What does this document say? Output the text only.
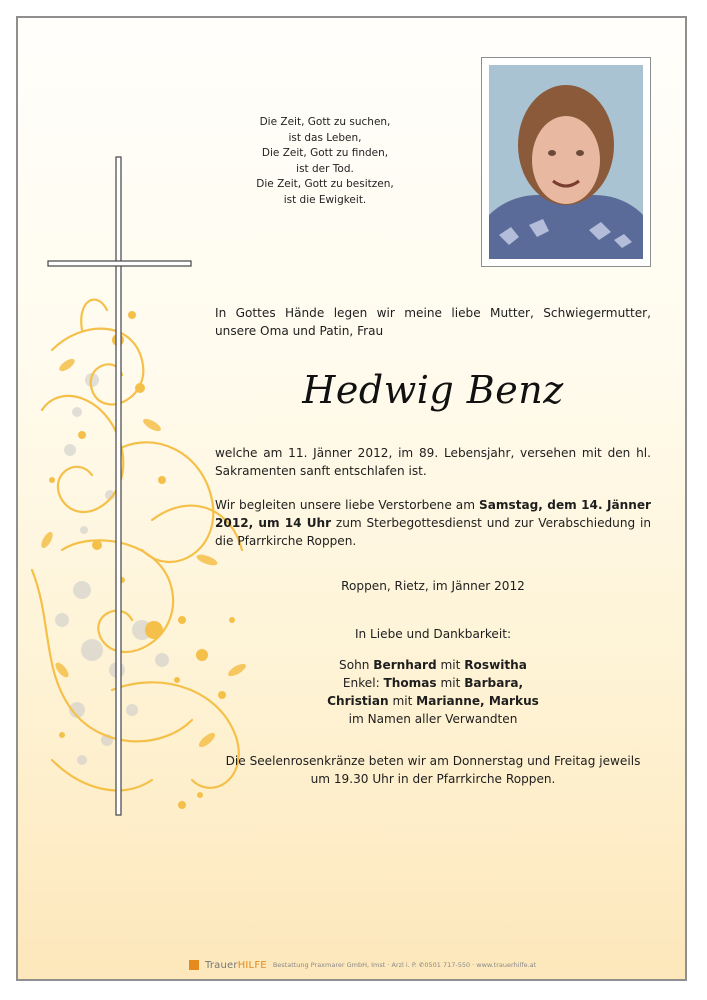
Die Zeit, Gott zu suchen,
ist das Leben,
Die Zeit, Gott zu finden,
ist der Tod.
Die Zeit, Gott zu besitzen,
ist die Ewigkeit.
In Gottes Hände legen wir meine liebe Mutter, Schwiegermutter, unsere Oma und Patin, Frau
Hedwig Benz
welche am 11. Jänner 2012, im 89. Lebensjahr, versehen mit den hl. Sakramenten sanft entschlafen ist.
Wir begleiten unsere liebe Verstorbene am Samstag, dem 14. Jänner 2012, um 14 Uhr zum Sterbegottesdienst und zur Verabschiedung in die Pfarrkirche Roppen.
Roppen, Rietz, im Jänner 2012
In Liebe und Dankbarkeit:
Sohn Bernhard mit Roswitha
Enkel: Thomas mit Barbara,
Christian mit Marianne, Markus
im Namen aller Verwandten
Die Seelenrosenkränze beten wir am Donnerstag und Freitag jeweils
um 19.30 Uhr in der Pfarrkirche Roppen.
TrauerHILFE Bestattung Praxmarer GmbH, Imst · Arzl i. P. ✆0501 717-550 · www.trauerhilfe.at
